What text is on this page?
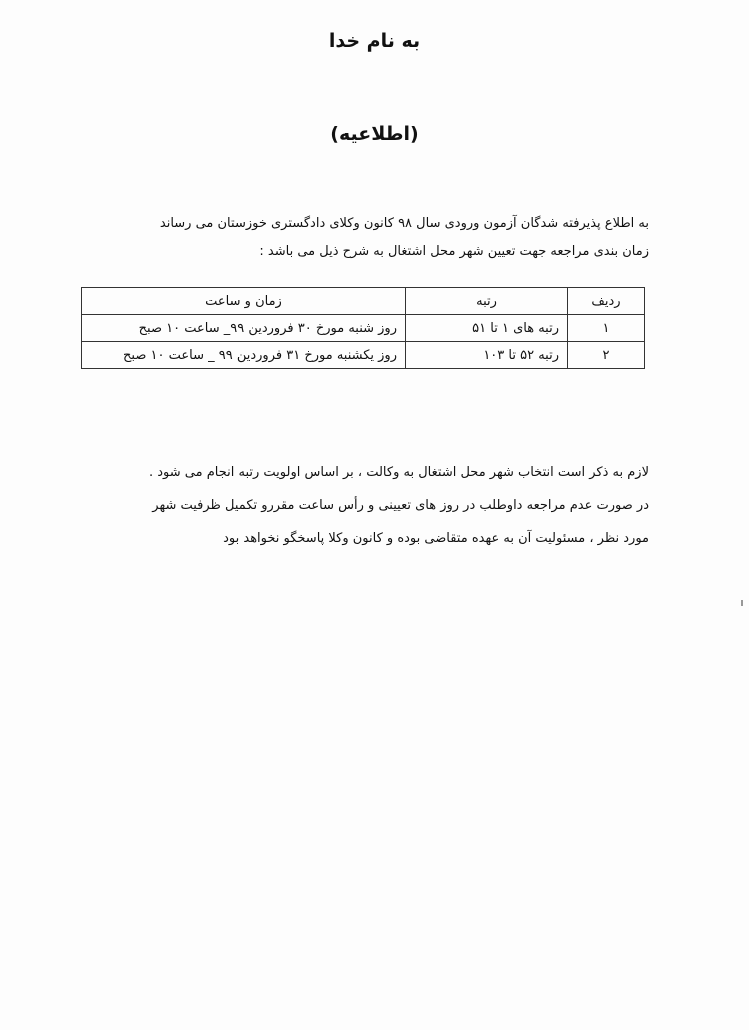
به نام خدا
(اطلاعیه)
به اطلاع پذیرفته شدگان آزمون ورودی سال ۹۸ کانون وکلای دادگستری خوزستان می رساند
زمان بندی مراجعه جهت تعیین شهر محل اشتغال به شرح ذیل می باشد :
ردیف	رتبه	زمان و ساعت
۱	رتبه های ۱ تا ۵۱	روز شنبه مورخ ۳۰ فروردین ۹۹_ ساعت ۱۰ صبح
۲	رتبه ۵۲ تا ۱۰۳	روز یکشنبه مورخ ۳۱ فروردین ۹۹ _ ساعت ۱۰ صبح
لازم به ذکر است انتخاب شهر محل اشتغال به وکالت ، بر اساس اولویت رتبه انجام می شود .
در صورت عدم مراجعه داوطلب در روز های تعیینی و رأس ساعت مقررو تکمیل ظرفیت شهر
مورد نظر ، مسئولیت آن به عهده متقاضی بوده و کانون وکلا پاسخگو نخواهد بود
